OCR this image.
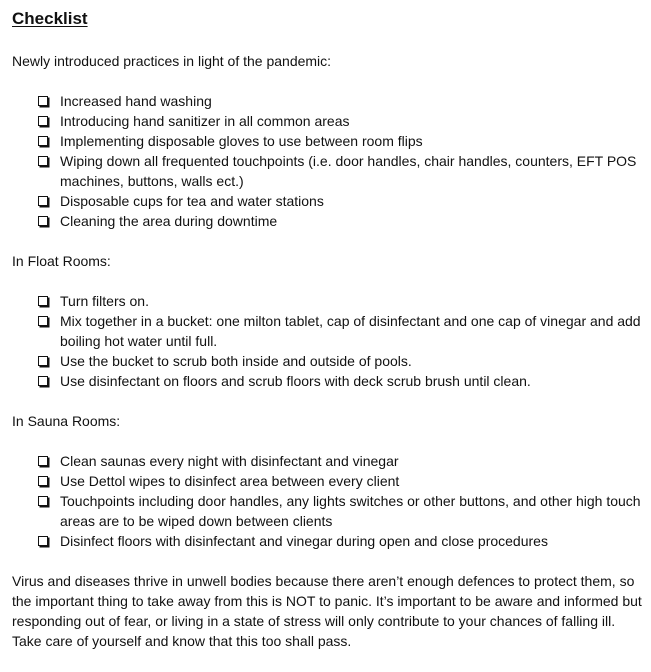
Checklist

Newly introduced practices in light of the pandemic:

Increased hand washing
Introducing hand sanitizer in all common areas
Implementing disposable gloves to use between room flips
Wiping down all frequented touchpoints (i.e. door handles, chair handles, counters, EFT POS machines, buttons, walls ect.)
Disposable cups for tea and water stations
Cleaning the area during downtime

In Float Rooms:

Turn filters on.
Mix together in a bucket: one milton tablet, cap of disinfectant and one cap of vinegar and add boiling hot water until full.
Use the bucket to scrub both inside and outside of pools.
Use disinfectant on floors and scrub floors with deck scrub brush until clean.

In Sauna Rooms:

Clean saunas every night with disinfectant and vinegar
Use Dettol wipes to disinfect area between every client
Touchpoints including door handles, any lights switches or other buttons, and other high touch areas are to be wiped down between clients
Disinfect floors with disinfectant and vinegar during open and close procedures

Virus and diseases thrive in unwell bodies because there aren’t enough defences to protect them, so the important thing to take away from this is NOT to panic. It’s important to be aware and informed but responding out of fear, or living in a state of stress will only contribute to your chances of falling ill. Take care of yourself and know that this too shall pass.
